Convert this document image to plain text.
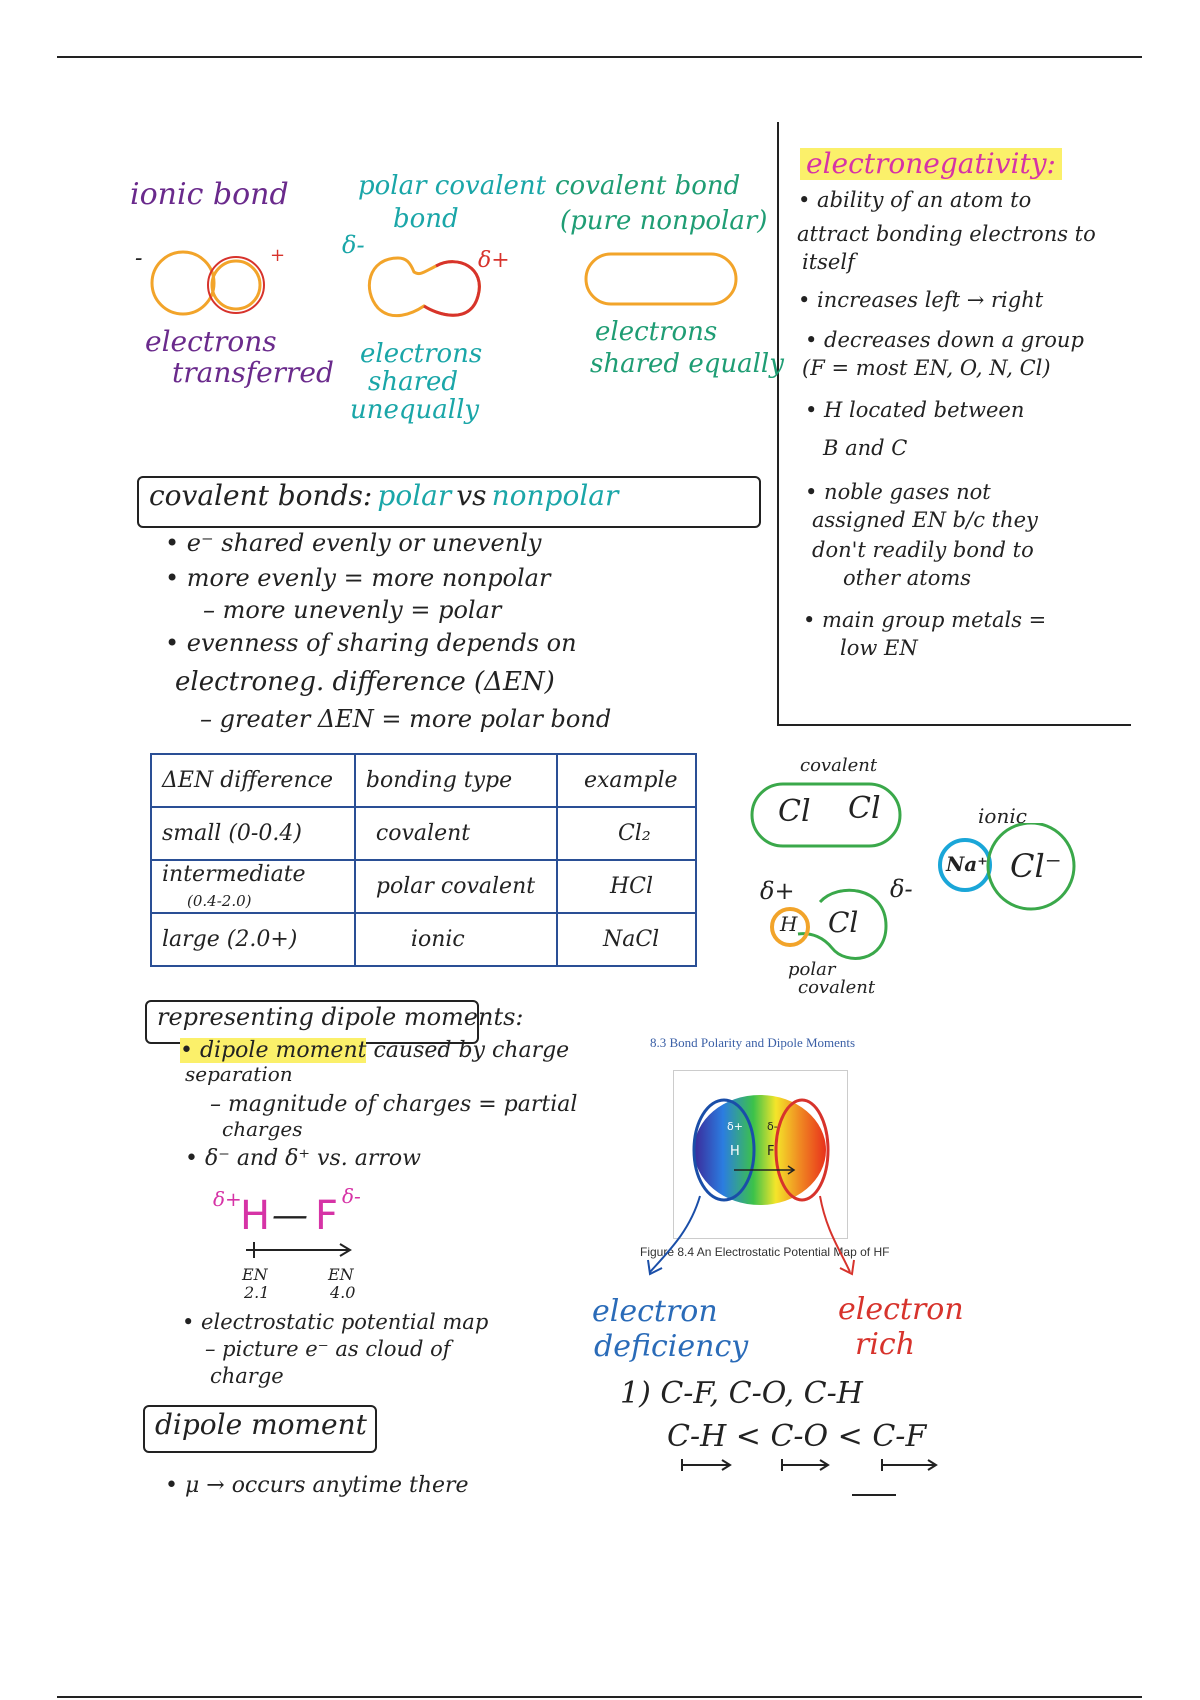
ionic bond
-	+
electrons
transferred
polar covalent
bond
δ-
δ+
electrons
shared
unequally
covalent bond
(pure nonpolar)
electrons
shared equally
electronegativity:
• ability of an atom to
attract bonding electrons to
itself
• increases left → right
• decreases down a group
(F = most EN, O, N, Cl)
• H located between
B and C
• noble gases not
assigned EN b/c they
don't readily bond to
other atoms
• main group metals =
low EN
covalent bonds: polar vs nonpolar
• e⁻ shared evenly or unevenly
• more evenly = more nonpolar
– more unevenly = polar
• evenness of sharing depends on
electroneg. difference (ΔEN)
– greater ΔEN = more polar bond
ΔEN difference	bonding type	example
small (0-0.4)	covalent	Cl₂
intermediate
(0.4-2.0)	polar covalent	HCl
large (2.0+)	ionic	NaCl
covalent
Cl Cl	ionic
Na⁺ Cl⁻
δ+	δ-
H Cl
polar
covalent
representing dipole moments:
• dipole moment caused by charge
separation
– magnitude of charges = partial
charges
• δ⁻ and δ⁺ vs. arrow
δ+
H — F δ-
EN
2.1
EN
4.0
• electrostatic potential map
– picture e⁻ as cloud of
charge
8.3 Bond Polarity and Dipole Moments
δ+ δ-
H F
Figure 8.4 An Electrostatic Potential Map of HF
electron
deficiency
electron
rich
1) C-F, C-O, C-H
C-H < C-O < C-F
dipole moment
• μ → occurs anytime there
